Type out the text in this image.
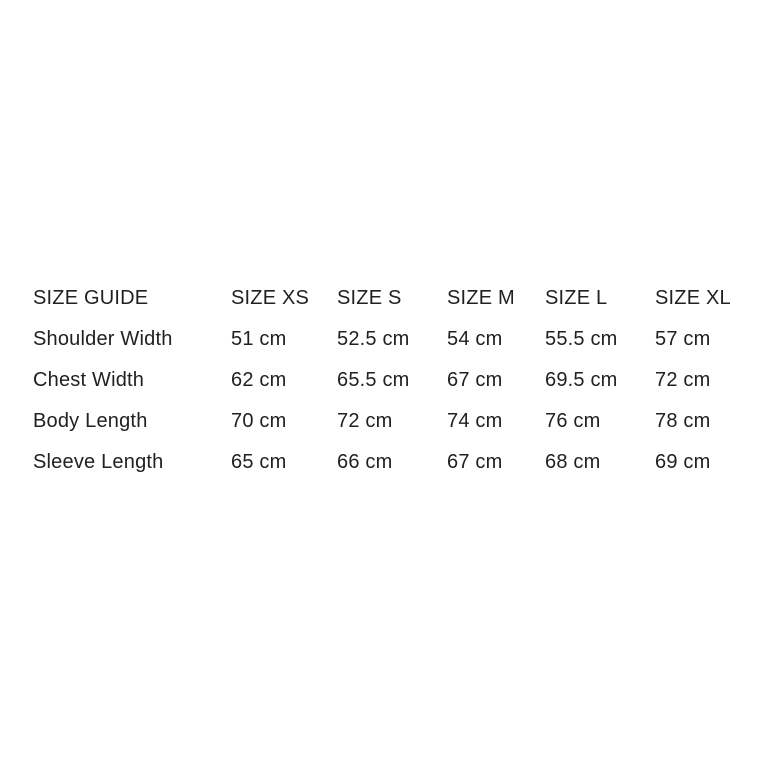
SIZE GUIDE	SIZE XS	SIZE S	SIZE M	SIZE L	SIZE XL
Shoulder Width	51 cm	52.5 cm	54 cm	55.5 cm	57 cm
Chest Width	62 cm	65.5 cm	67 cm	69.5 cm	72 cm
Body Length	70 cm	72 cm	74 cm	76 cm	78 cm
Sleeve Length	65 cm	66 cm	67 cm	68 cm	69 cm
